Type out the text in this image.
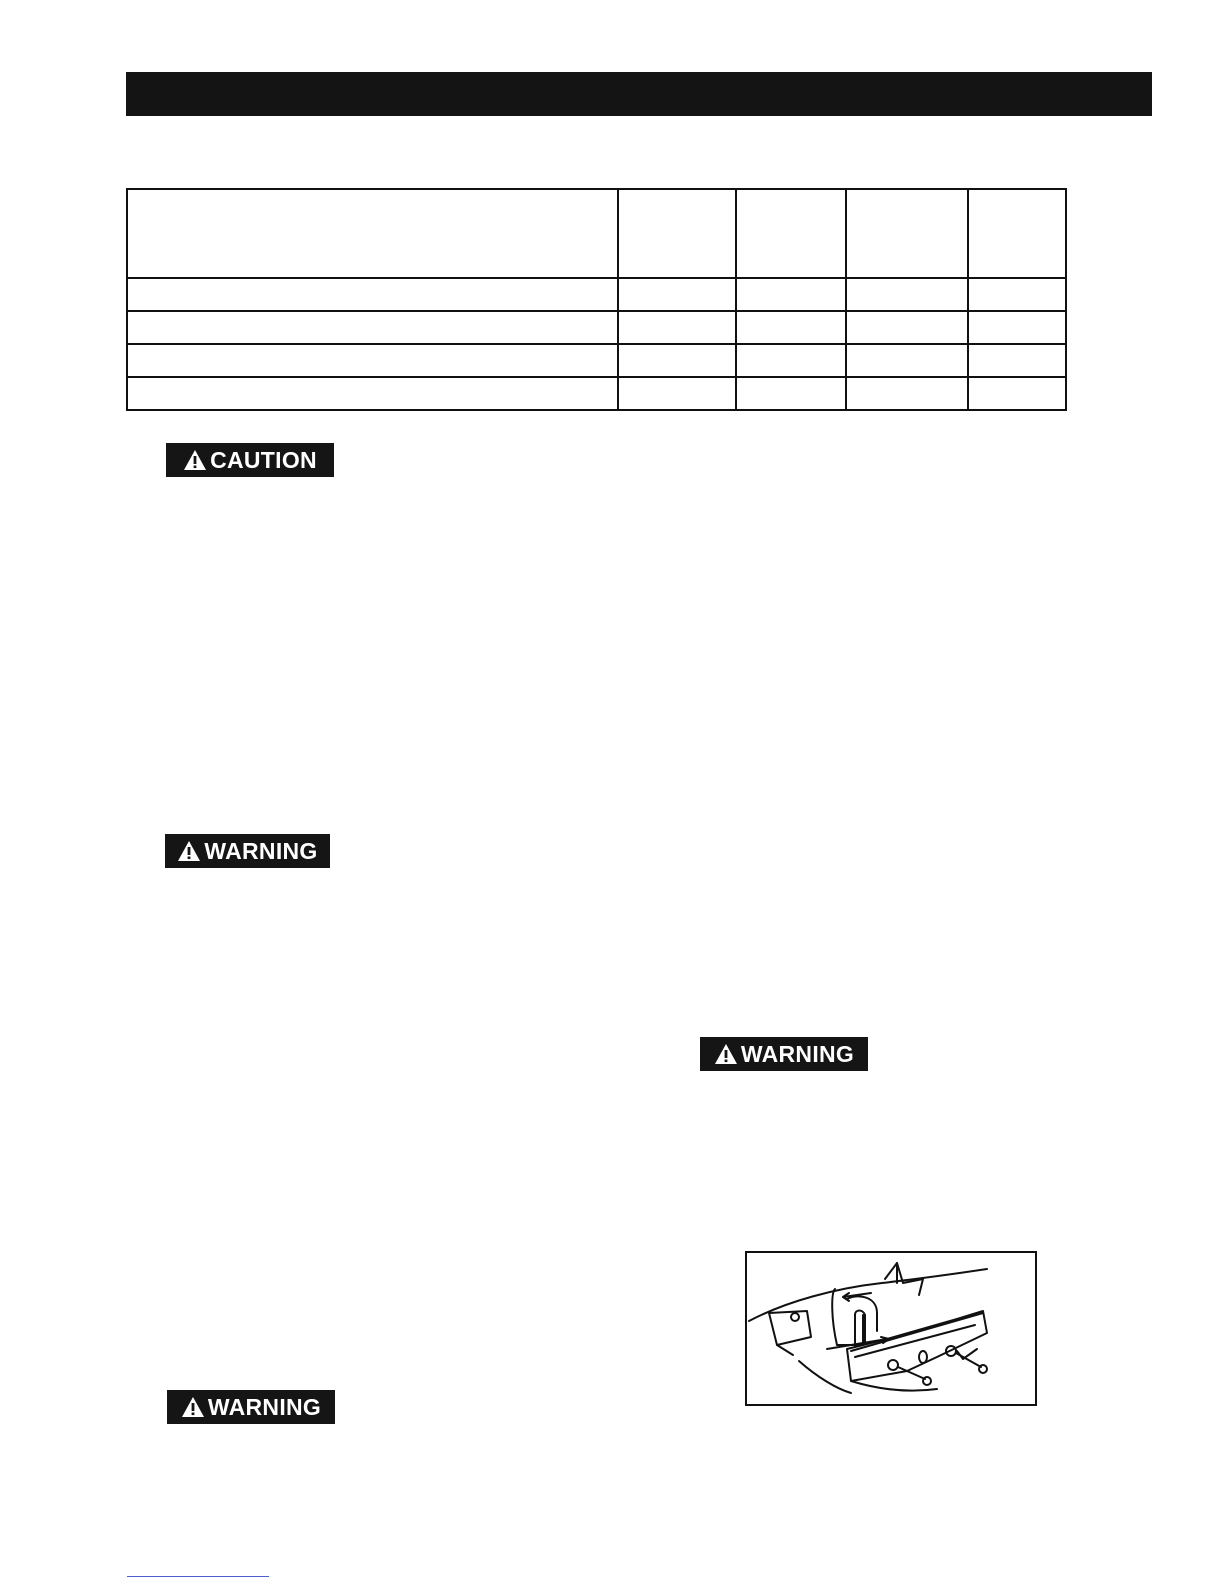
CAUTION
WARNING
WARNING
WARNING
